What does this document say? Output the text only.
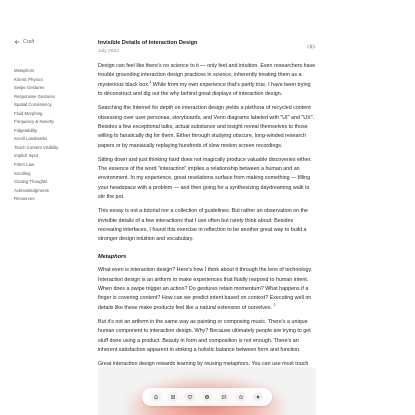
Craft
Metaphors
Kinetic Physics
Swipe Gestures
Responsive Gestures
Spatial Consistency
Fluid Morphing
Frequency & Novelty
Fidgetability
Scroll Landmarks
Touch Content Visibility
Implicit Input
Fitts's Law
Scrolling
Closing Thoughts
Acknowledgments
Resources
Invisible Details of Interaction Design
July 2023

Design can feel like there's no science to it — only feel and intuition. Even researchers have trouble grounding interaction design practices in science, inherently treating them as a mysterious black box.$^1$ While from my own experience that's partly true, I have been trying to deconstruct and dig out the why behind great displays of interaction design.

Searching the Internet for depth on interaction design yields a plethora of recycled content obsessing over user personas, storyboards, and Venn diagrams labeled with "UI" and "UX". Besides a few exceptional talks, actual substance and insight reveal themselves to those willing to fanatically dig for them. Either through studying obscure, long-winded research papers or by maniacally replaying hundreds of slow motion screen recordings.

Sitting down and just thinking hard does not magically produce valuable discoveries either. The essence of the word "interaction" implies a relationship between a human and an environment. In my experience, great revelations surface from making something — filling your headspace with a problem — and then going for a synthesizing daydreaming walk to stir the pot.

This essay is not a tutorial nor a collection of guidelines. But rather an observation on the invisible details of a few interactions that I use often but rarely think about. Besides recreating interfaces, I found this exercise in reflection to be another great way to build a stronger design intuition and vocabulary.

Metaphors

What even is interaction design? Here's how I think about it through the lens of technology. Interaction design is an artform to make experiences that fluidly respond to human intent. When does a swipe trigger an action? Do gestures retain momentum? What happens if a finger is covering content? How can we predict intent based on context? Executing well on details like these make products feel like a natural extension of ourselves. $^2$

But it's not an artform in the same way as painting or composing music. There's a unique human component to interaction design. Why? Because ultimately people are trying to get stuff done using a product. Beauty in form and composition is not enough. There's an inherent satisfaction apparent in striking a holistic balance between form and function.

Great interaction design rewards learning by reusing metaphors. You can use most touch
